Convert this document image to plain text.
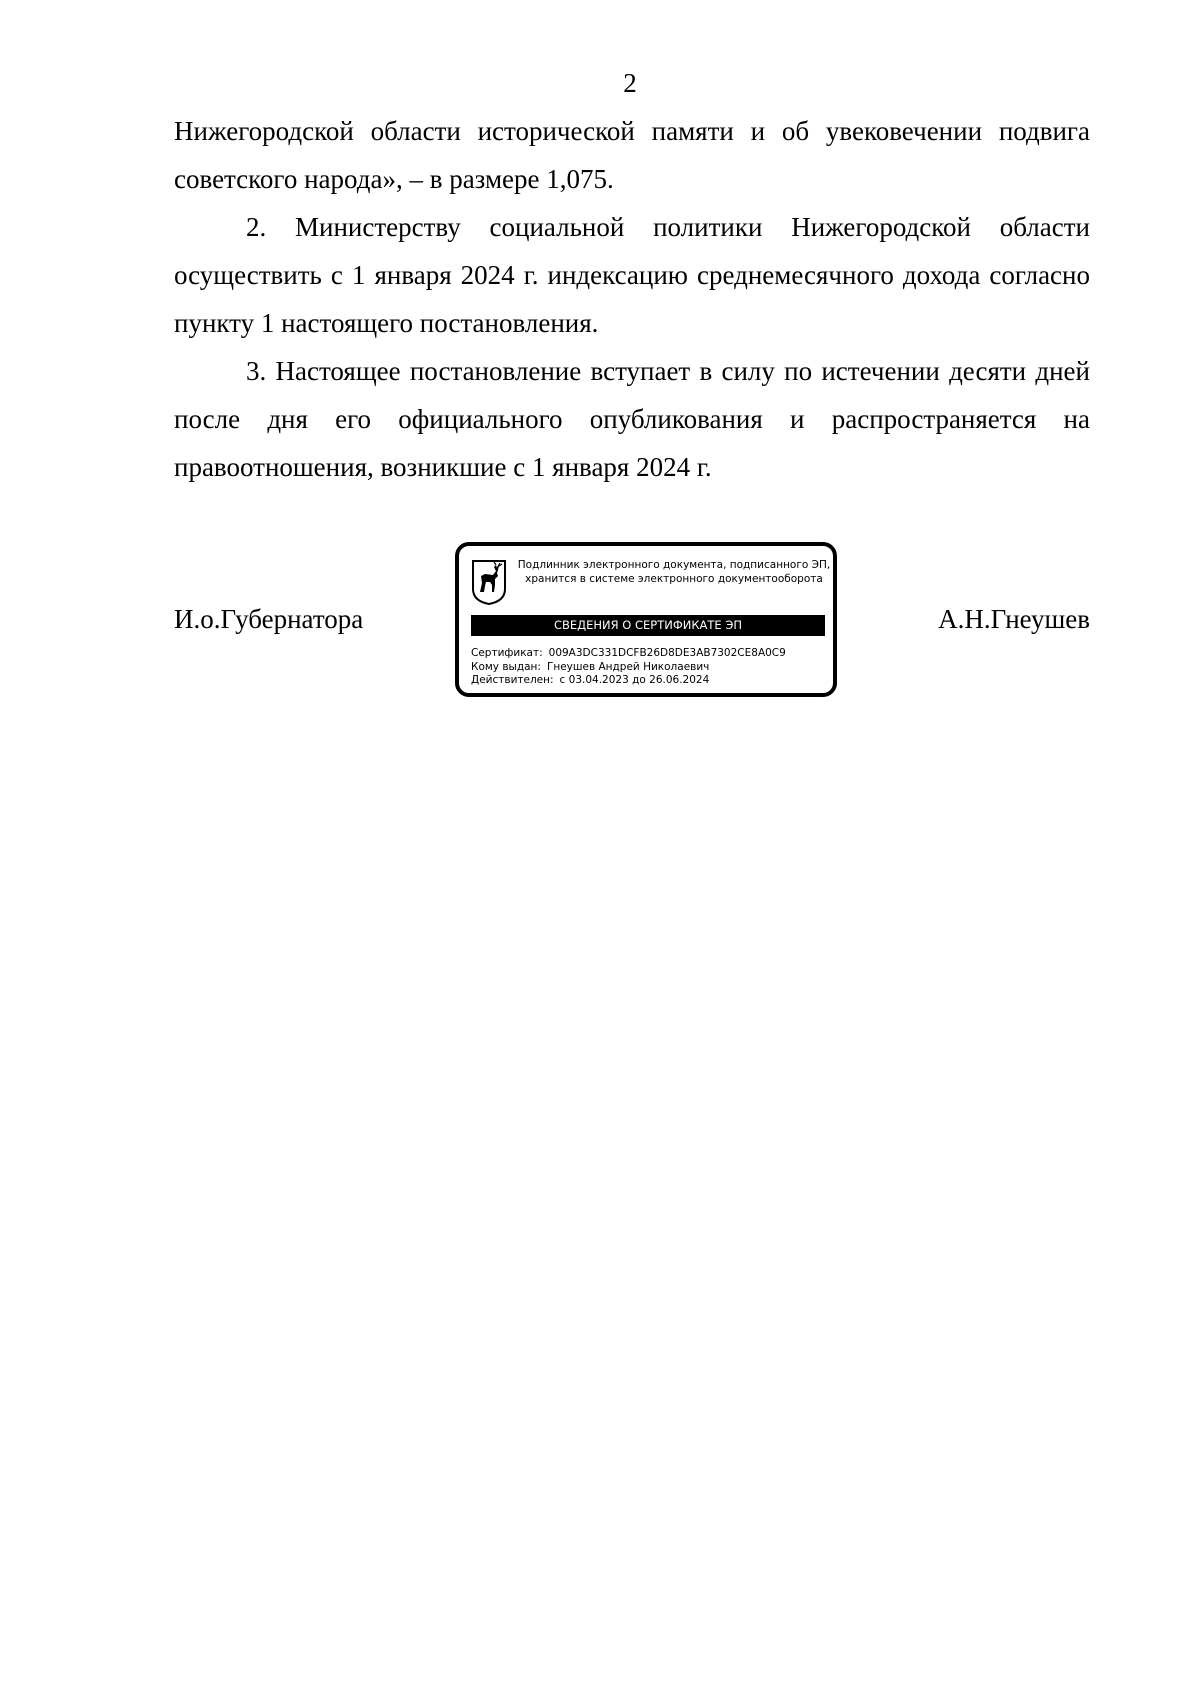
2

Нижегородской области исторической памяти и об увековечении подвига советского народа», – в размере 1,075.

2. Министерству социальной политики Нижегородской области осуществить с 1 января 2024 г. индексацию среднемесячного дохода согласно пункту 1 настоящего постановления.

3. Настоящее постановление вступает в силу по истечении десяти дней после дня его официального опубликования и распространяется на правоотношения, возникшие с 1 января 2024 г.

И.о.Губернатора
Подлинник электронного документа, подписанного ЭП,
хранится в системе электронного документооборота
СВЕДЕНИЯ О СЕРТИФИКАТЕ ЭП
Сертификат: 009A3DC331DCFB26D8DE3AB7302CE8A0C9
Кому выдан: Гнеушев Андрей Николаевич
Действителен: с 03.04.2023 до 26.06.2024
А.Н.Гнеушев
